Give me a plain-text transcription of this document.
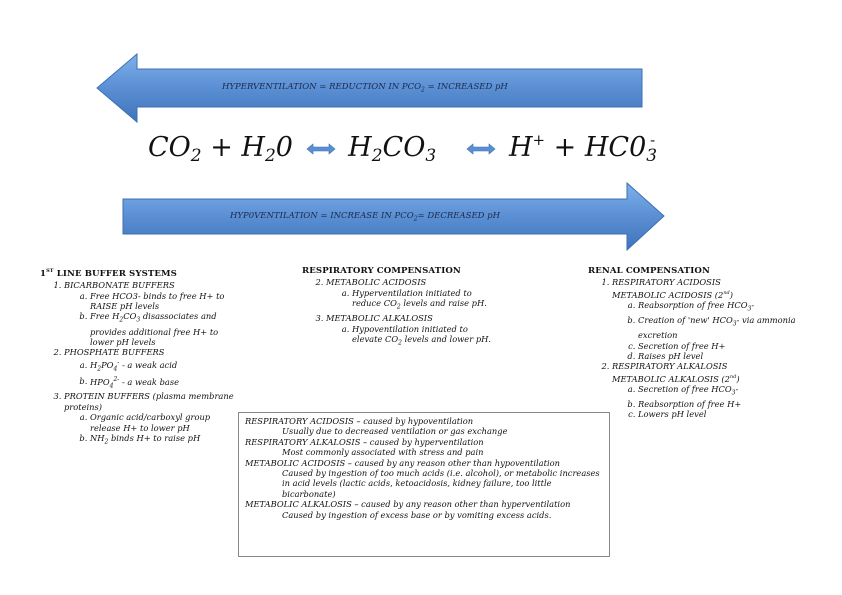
HYPERVENTILATION = REDUCTION IN $PCO_2$ = INCREASED pH
HYP0VENTILATION = INCREASE IN $PCO_2=$ DECREASED pH
$CO_2 + H_20$ $H_2CO_3$	$H^+ + HC0_3^-$
1ST LINE BUFFER SYSTEMS
1. BICARBONATE BUFFERS
a. Free HCO3- binds to free H+ to RAISE pH levels
b. Free $H_2CO_3$ disassociates and provides additional free H+ to lower pH levels
2. PHOSPHATE BUFFERS
a. $H_2PO_4^-$ - a weak acid
b. $HPO_4^{2-}$ - a weak base
3. PROTEIN BUFFERS (plasma membrane proteins)
a. Organic acid/carboxyl group release H+ to lower pH
b. $NH_2$ binds H+ to raise pH
RESPIRATORY COMPENSATION
2. METABOLIC ACIDOSIS
a. Hyperventilation initiated to reduce $CO_2$ levels and raise pH.
3. METABOLIC ALKALOSIS
a. Hypoventilation initiated to elevate $CO_2$ levels and lower pH.
RENAL COMPENSATION
1. RESPIRATORY ACIDOSIS
METABOLIC ACIDOSIS (2nd)
a. Reabsorption of free $HCO_3-$
b. Creation of 'new' $HCO_3-$ via ammonia excretion
c. Secretion of free H+
d. Raises pH level
2. RESPIRATORY ALKALOSIS
METABOLIC ALKALOSIS (2nd)
a. Secretion of free $HCO_3-$
b. Reabsorption of free H+
c. Lowers pH level
RESPIRATORY ACIDOSIS – caused by hypoventilation
Usually due to decreased ventilation or gas exchange
RESPIRATORY ALKALOSIS – caused by hyperventilation
Most commonly associated with stress and pain
METABOLIC ACIDOSIS – caused by any reason other than hypoventilation
Caused by ingestion of too much acids (i.e. alcohol), or metabolic increases in acid levels (lactic acids, ketoacidosis, kidney failure, too little bicarbonate)
METABOLIC ALKALOSIS – caused by any reason other than hyperventilation
Caused by ingestion of excess base or by vomiting excess acids.
